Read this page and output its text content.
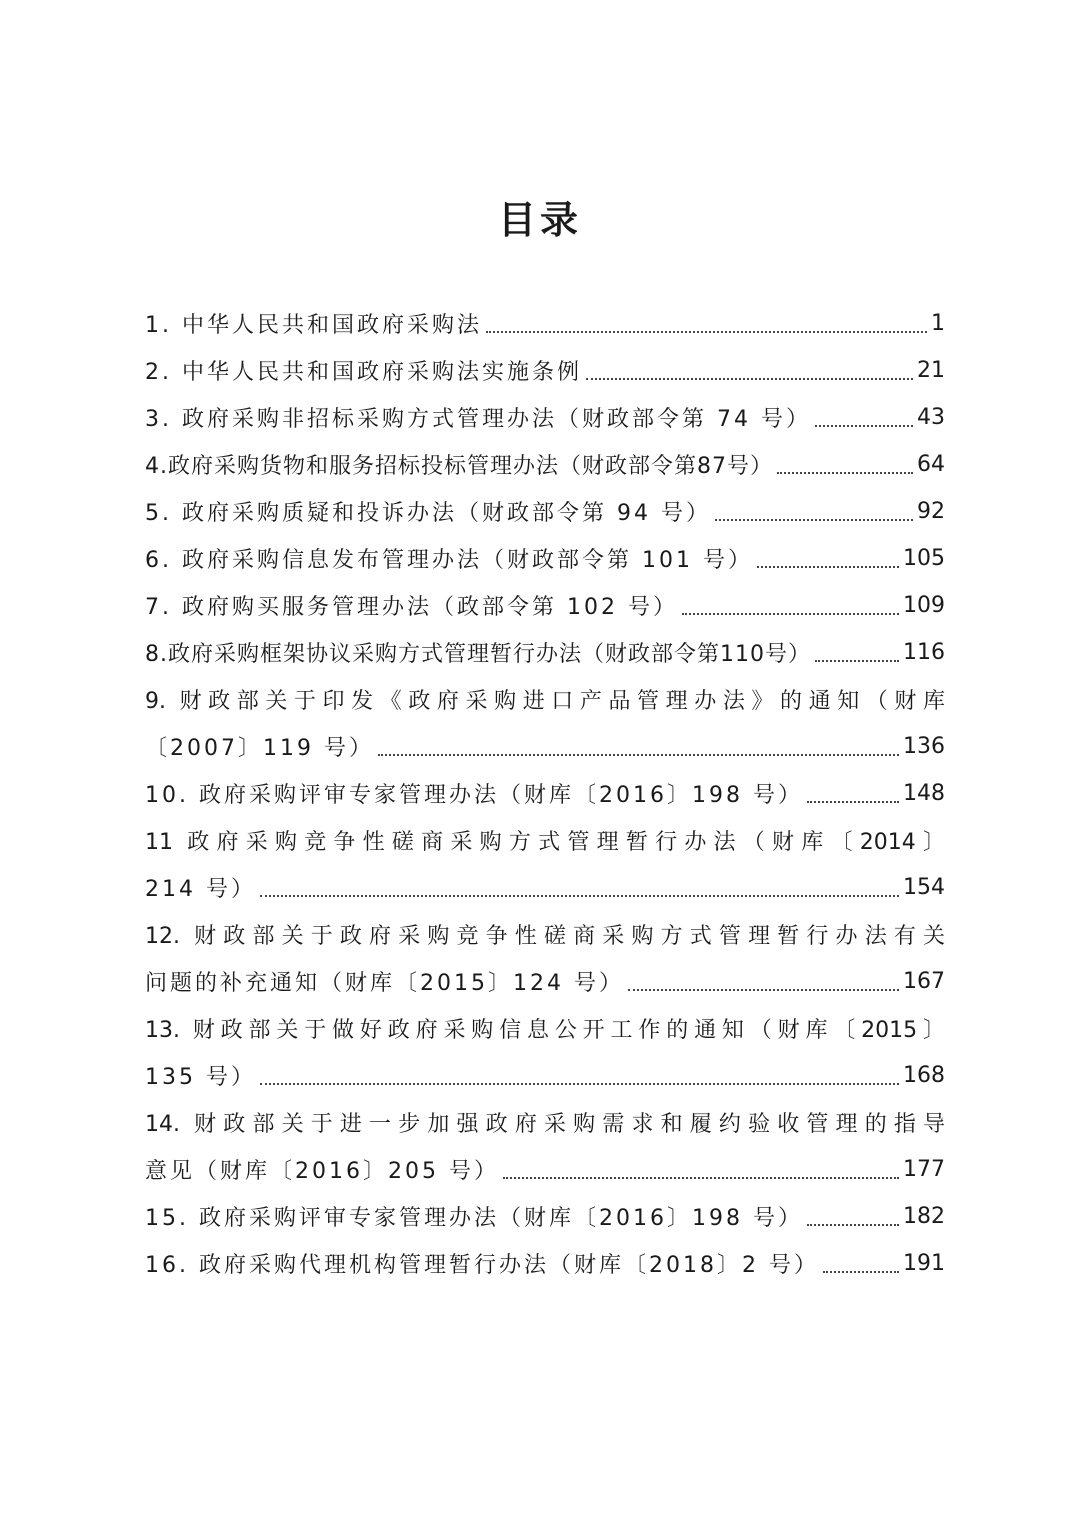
目录
1. 中华人民共和国政府采购法	1
2. 中华人民共和国政府采购法实施条例	21
3. 政府采购非招标采购方式管理办法（财政部令第 74 号）	43
4.政府采购货物和服务招标投标管理办法（财政部令第87号）	64
5. 政府采购质疑和投诉办法（财政部令第 94 号）	92
6. 政府采购信息发布管理办法（财政部令第 101 号）	105
7. 政府购买服务管理办法（政部令第 102 号）	109
8.政府采购框架协议采购方式管理暂行办法（财政部令第110号）	116
9. 财政部关于印发《政府采购进口产品管理办法》的通知（财库
〔2007〕119 号）	136
10. 政府采购评审专家管理办法（财库〔2016〕198 号）	148
11 政府采购竞争性磋商采购方式管理暂行办法（财库〔2014〕
214 号）	154
12. 财政部关于政府采购竞争性磋商采购方式管理暂行办法有关
问题的补充通知（财库〔2015〕124 号）	167
13. 财政部关于做好政府采购信息公开工作的通知（财库〔2015〕
135 号）	168
14. 财政部关于进一步加强政府采购需求和履约验收管理的指导
意见（财库〔2016〕205 号）	177
15. 政府采购评审专家管理办法（财库〔2016〕198 号）	182
16. 政府采购代理机构管理暂行办法（财库〔2018〕2 号）	191
